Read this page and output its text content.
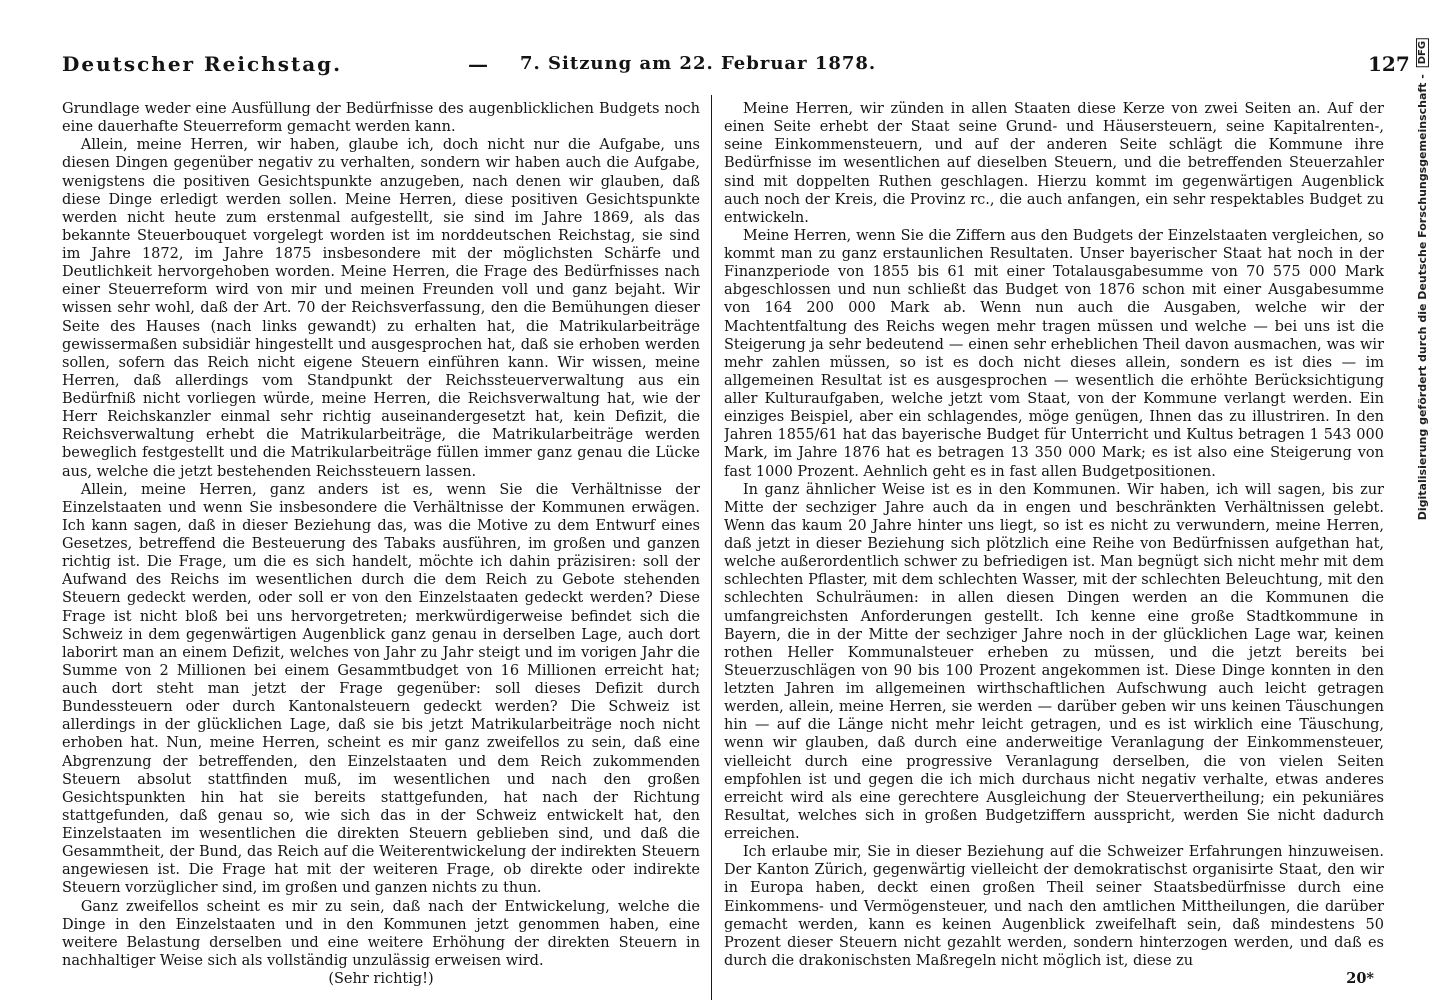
Deutscher Reichstag.	— 7. Sitzung am 22. Februar 1878.	127

Grundlage weder eine Ausfüllung der Bedürfnisse des augenblicklichen Budgets noch eine dauerhafte Steuerreform gemacht werden kann.

Allein, meine Herren, wir haben, glaube ich, doch nicht nur die Aufgabe, uns diesen Dingen gegenüber negativ zu verhalten, sondern wir haben auch die Aufgabe, wenigstens die positiven Gesichtspunkte anzugeben, nach denen wir glauben, daß diese Dinge erledigt werden sollen. Meine Herren, diese positiven Gesichtspunkte werden nicht heute zum erstenmal aufgestellt, sie sind im Jahre 1869, als das bekannte Steuerbouquet vorgelegt worden ist im norddeutschen Reichstag, sie sind im Jahre 1872, im Jahre 1875 insbesondere mit der möglichsten Schärfe und Deutlichkeit hervorgehoben worden. Meine Herren, die Frage des Bedürfnisses nach einer Steuerreform wird von mir und meinen Freunden voll und ganz bejaht. Wir wissen sehr wohl, daß der Art. 70 der Reichsverfassung, den die Bemühungen dieser Seite des Hauses (nach links gewandt) zu erhalten hat, die Matrikularbeiträge gewissermaßen subsidiär hingestellt und ausgesprochen hat, daß sie erhoben werden sollen, sofern das Reich nicht eigene Steuern einführen kann. Wir wissen, meine Herren, daß allerdings vom Standpunkt der Reichssteuerverwaltung aus ein Bedürfniß nicht vorliegen würde, meine Herren, die Reichsverwaltung hat, wie der Herr Reichskanzler einmal sehr richtig auseinandergesetzt hat, kein Defizit, die Reichsverwaltung erhebt die Matrikularbeiträge, die Matrikularbeiträge werden beweglich festgestellt und die Matrikularbeiträge füllen immer ganz genau die Lücke aus, welche die jetzt bestehenden Reichssteuern lassen.

Allein, meine Herren, ganz anders ist es, wenn Sie die Verhältnisse der Einzelstaaten und wenn Sie insbesondere die Verhältnisse der Kommunen erwägen. Ich kann sagen, daß in dieser Beziehung das, was die Motive zu dem Entwurf eines Gesetzes, betreffend die Besteuerung des Tabaks ausführen, im großen und ganzen richtig ist. Die Frage, um die es sich handelt, möchte ich dahin präzisiren: soll der Aufwand des Reichs im wesentlichen durch die dem Reich zu Gebote stehenden Steuern gedeckt werden, oder soll er von den Einzelstaaten gedeckt werden? Diese Frage ist nicht bloß bei uns hervorgetreten; merkwürdigerweise befindet sich die Schweiz in dem gegenwärtigen Augenblick ganz genau in derselben Lage, auch dort laborirt man an einem Defizit, welches von Jahr zu Jahr steigt und im vorigen Jahr die Summe von 2 Millionen bei einem Gesammtbudget von 16 Millionen erreicht hat; auch dort steht man jetzt der Frage gegenüber: soll dieses Defizit durch Bundessteuern oder durch Kantonalsteuern gedeckt werden? Die Schweiz ist allerdings in der glücklichen Lage, daß sie bis jetzt Matrikularbeiträge noch nicht erhoben hat. Nun, meine Herren, scheint es mir ganz zweifellos zu sein, daß eine Abgrenzung der betreffenden, den Einzelstaaten und dem Reich zukommenden Steuern absolut stattfinden muß, im wesentlichen und nach den großen Gesichtspunkten hin hat sie bereits stattgefunden, hat nach der Richtung stattgefunden, daß genau so, wie sich das in der Schweiz entwickelt hat, den Einzelstaaten im wesentlichen die direkten Steuern geblieben sind, und daß die Gesammtheit, der Bund, das Reich auf die Weiterentwickelung der indirekten Steuern angewiesen ist. Die Frage hat mit der weiteren Frage, ob direkte oder indirekte Steuern vorzüglicher sind, im großen und ganzen nichts zu thun.

Ganz zweifellos scheint es mir zu sein, daß nach der Entwickelung, welche die Dinge in den Einzelstaaten und in den Kommunen jetzt genommen haben, eine weitere Belastung derselben und eine weitere Erhöhung der direkten Steuern in nachhaltiger Weise sich als vollständig unzulässig erweisen wird.

(Sehr richtig!)

Meine Herren, wir zünden in allen Staaten diese Kerze von zwei Seiten an. Auf der einen Seite erhebt der Staat seine Grund- und Häusersteuern, seine Kapitalrenten-, seine Einkommensteuern, und auf der anderen Seite schlägt die Kommune ihre Bedürfnisse im wesentlichen auf dieselben Steuern, und die betreffenden Steuerzahler sind mit doppelten Ruthen geschlagen. Hierzu kommt im gegenwärtigen Augenblick auch noch der Kreis, die Provinz rc., die auch anfangen, ein sehr respektables Budget zu entwickeln.

Meine Herren, wenn Sie die Ziffern aus den Budgets der Einzelstaaten vergleichen, so kommt man zu ganz erstaunlichen Resultaten. Unser bayerischer Staat hat noch in der Finanzperiode von 1855 bis 61 mit einer Totalausgabesumme von 70 575 000 Mark abgeschlossen und nun schließt das Budget von 1876 schon mit einer Ausgabesumme von 164 200 000 Mark ab. Wenn nun auch die Ausgaben, welche wir der Machtentfaltung des Reichs wegen mehr tragen müssen und welche — bei uns ist die Steigerung ja sehr bedeutend — einen sehr erheblichen Theil davon ausmachen, was wir mehr zahlen müssen, so ist es doch nicht dieses allein, sondern es ist dies — im allgemeinen Resultat ist es ausgesprochen — wesentlich die erhöhte Berücksichtigung aller Kulturaufgaben, welche jetzt vom Staat, von der Kommune verlangt werden. Ein einziges Beispiel, aber ein schlagendes, möge genügen, Ihnen das zu illustriren. In den Jahren 1855/61 hat das bayerische Budget für Unterricht und Kultus betragen 1 543 000 Mark, im Jahre 1876 hat es betragen 13 350 000 Mark; es ist also eine Steigerung von fast 1000 Prozent. Aehnlich geht es in fast allen Budgetpositionen.

In ganz ähnlicher Weise ist es in den Kommunen. Wir haben, ich will sagen, bis zur Mitte der sechziger Jahre auch da in engen und beschränkten Verhältnissen gelebt. Wenn das kaum 20 Jahre hinter uns liegt, so ist es nicht zu verwundern, meine Herren, daß jetzt in dieser Beziehung sich plötzlich eine Reihe von Bedürfnissen aufgethan hat, welche außerordentlich schwer zu befriedigen ist. Man begnügt sich nicht mehr mit dem schlechten Pflaster, mit dem schlechten Wasser, mit der schlechten Beleuchtung, mit den schlechten Schulräumen: in allen diesen Dingen werden an die Kommunen die umfangreichsten Anforderungen gestellt. Ich kenne eine große Stadtkommune in Bayern, die in der Mitte der sechziger Jahre noch in der glücklichen Lage war, keinen rothen Heller Kommunalsteuer erheben zu müssen, und die jetzt bereits bei Steuerzuschlägen von 90 bis 100 Prozent angekommen ist. Diese Dinge konnten in den letzten Jahren im allgemeinen wirthschaftlichen Aufschwung auch leicht getragen werden, allein, meine Herren, sie werden — darüber geben wir uns keinen Täuschungen hin — auf die Länge nicht mehr leicht getragen, und es ist wirklich eine Täuschung, wenn wir glauben, daß durch eine anderweitige Veranlagung der Einkommensteuer, vielleicht durch eine progressive Veranlagung derselben, die von vielen Seiten empfohlen ist und gegen die ich mich durchaus nicht negativ verhalte, etwas anderes erreicht wird als eine gerechtere Ausgleichung der Steuervertheilung; ein pekuniäres Resultat, welches sich in großen Budgetziffern ausspricht, werden Sie nicht dadurch erreichen.

Ich erlaube mir, Sie in dieser Beziehung auf die Schweizer Erfahrungen hinzuweisen. Der Kanton Zürich, gegenwärtig vielleicht der demokratischst organisirte Staat, den wir in Europa haben, deckt einen großen Theil seiner Staatsbedürfnisse durch eine Einkommens- und Vermögensteuer, und nach den amtlichen Mittheilungen, die darüber gemacht werden, kann es keinen Augenblick zweifelhaft sein, daß mindestens 50 Prozent dieser Steuern nicht gezahlt werden, sondern hinterzogen werden, und daß es durch die drakonischsten Maßregeln nicht möglich ist, diese zu

20*

Digitalisierung gefördert durch die Deutsche Forschungsgemeinschaft - DFG
